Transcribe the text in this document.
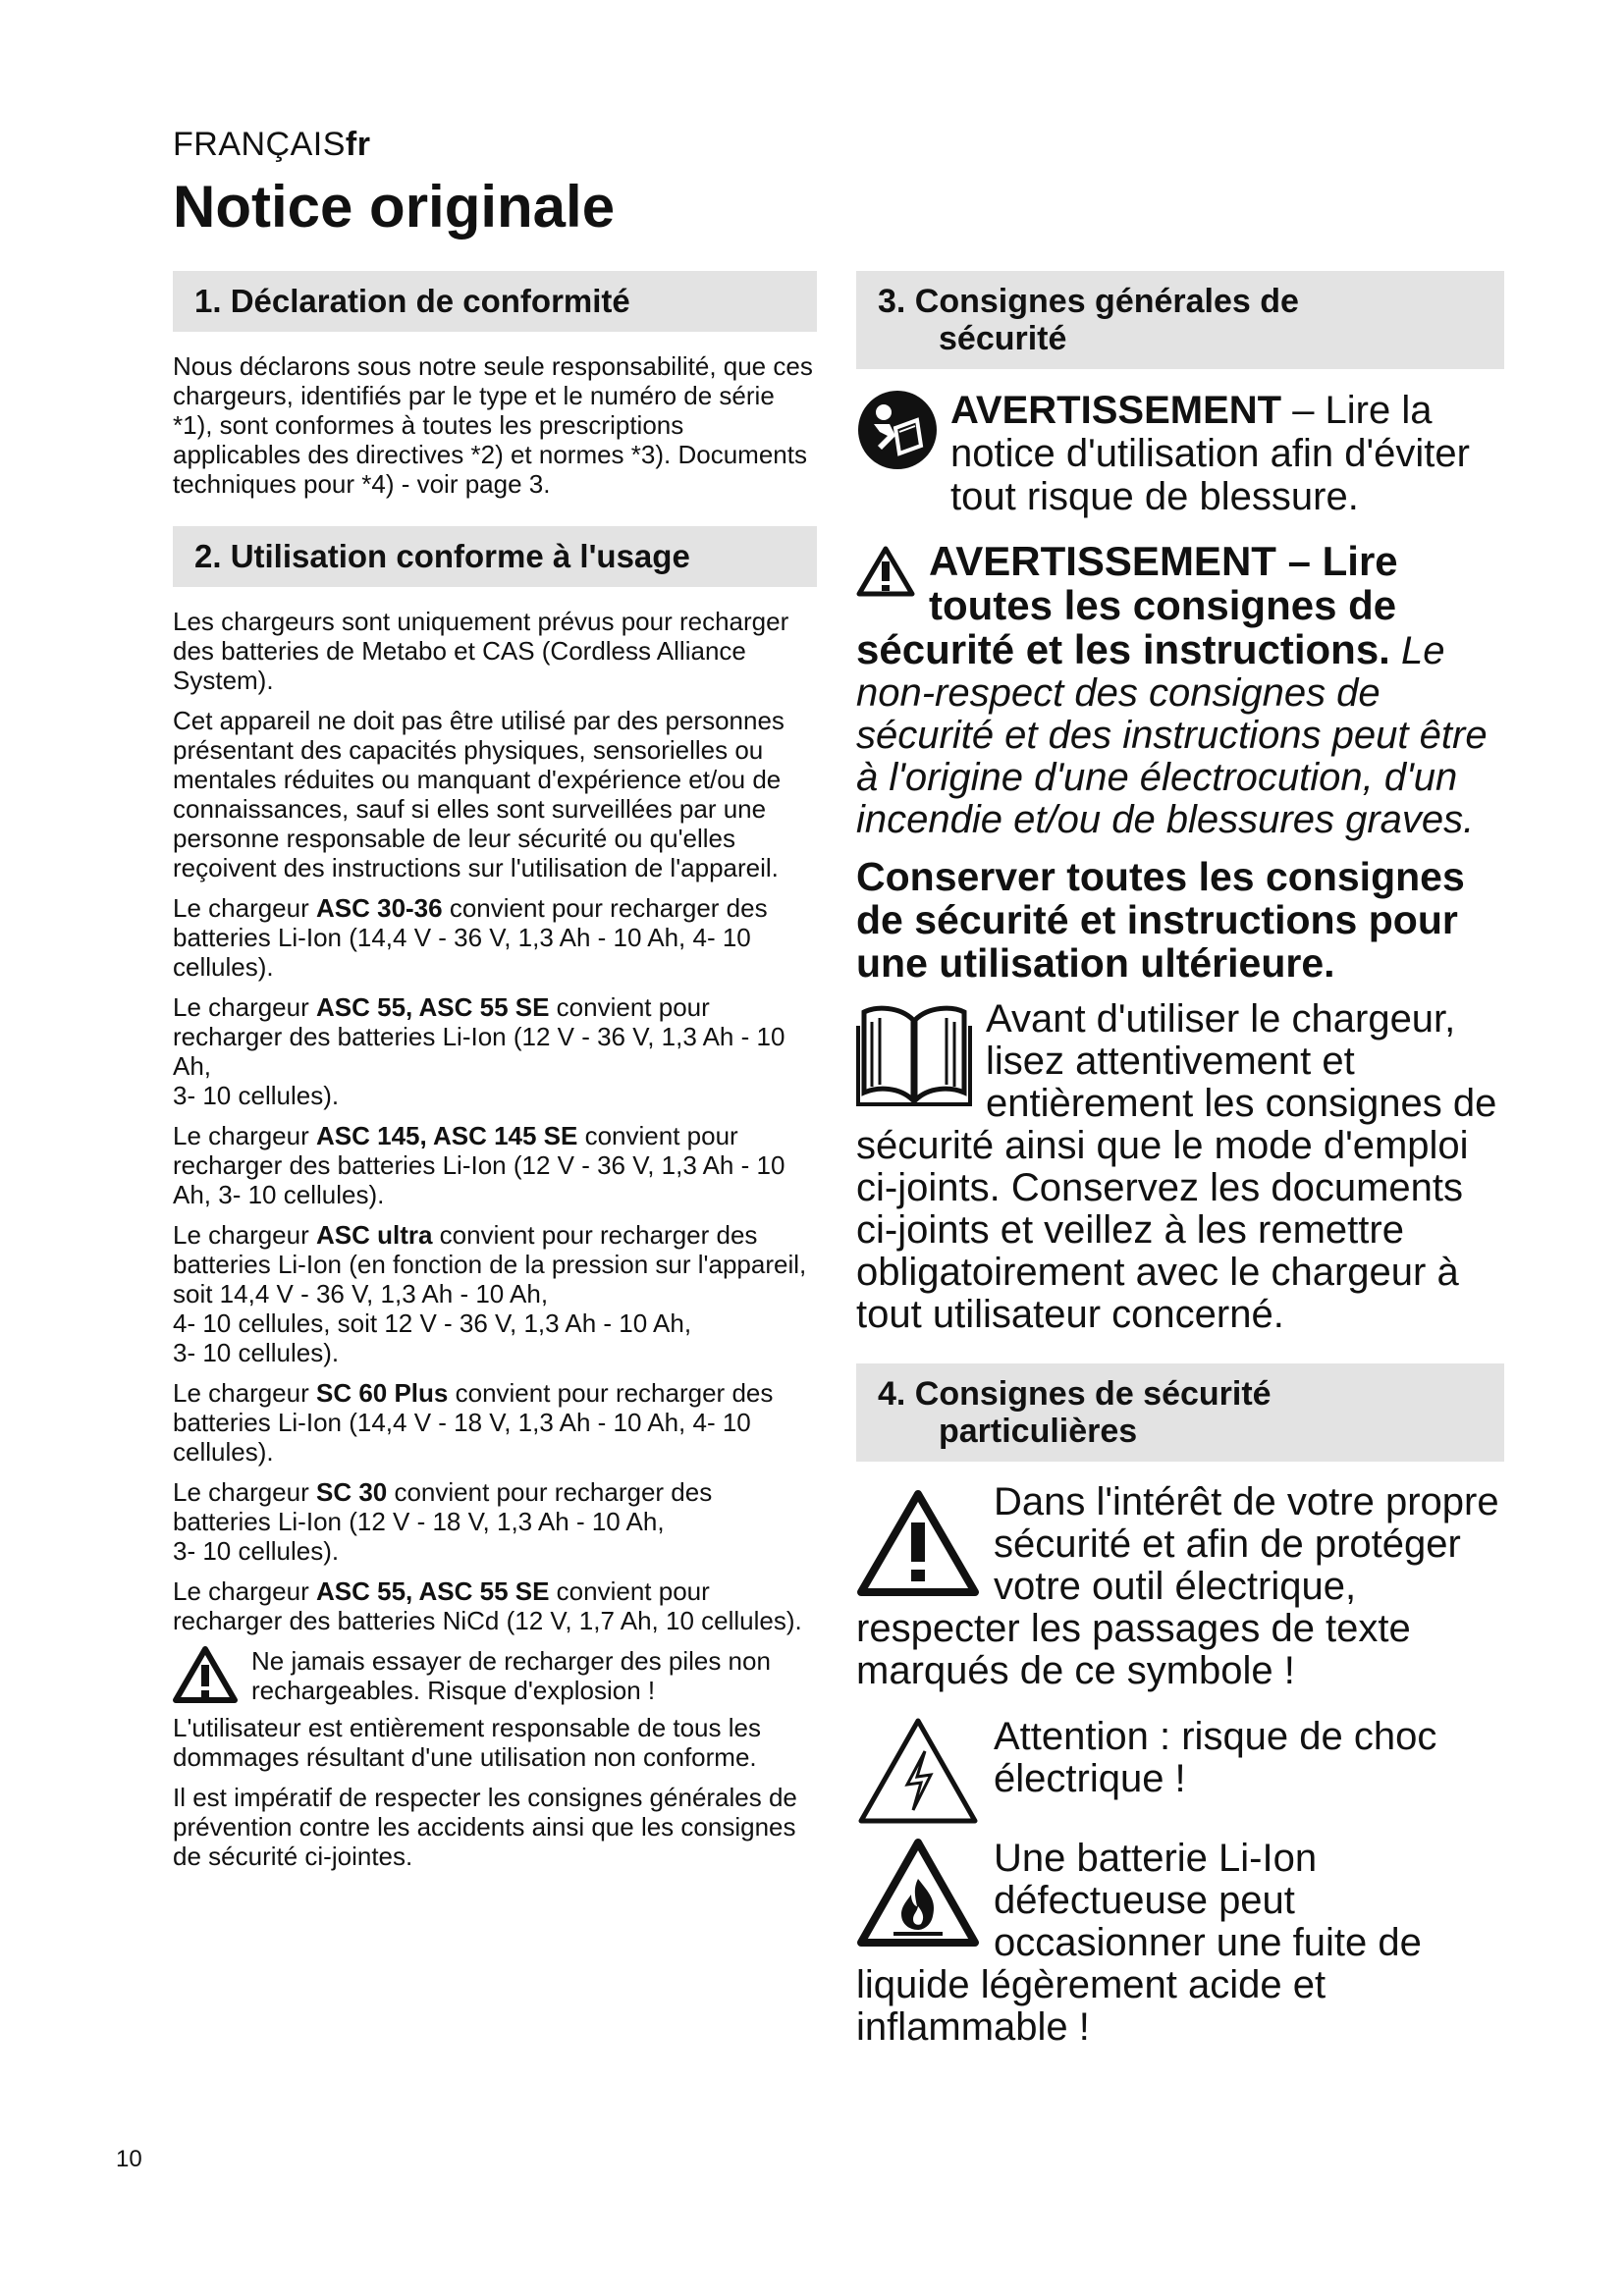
FRANÇAISfr
Notice originale
1. Déclaration de conformité
Nous déclarons sous notre seule responsabilité, que ces chargeurs, identifiés par le type et le numéro de série *1), sont conformes à toutes les prescriptions applicables des directives *2) et normes *3). Documents techniques pour *4) - voir page 3.
2. Utilisation conforme à l'usage
Les chargeurs sont uniquement prévus pour recharger des batteries de Metabo et CAS (Cordless Alliance System).
Cet appareil ne doit pas être utilisé par des personnes présentant des capacités physiques, sensorielles ou mentales réduites ou manquant d'expérience et/ou de connaissances, sauf si elles sont surveillées par une personne responsable de leur sécurité ou qu'elles reçoivent des instructions sur l'utilisation de l'appareil.
Le chargeur ASC 30-36 convient pour recharger des batteries Li-Ion (14,4 V - 36 V, 1,3 Ah - 10 Ah, 4- 10 cellules).
Le chargeur ASC 55, ASC 55 SE convient pour recharger des batteries Li-Ion (12 V - 36 V, 1,3 Ah - 10 Ah,
3- 10 cellules).
Le chargeur ASC 145, ASC 145 SE convient pour recharger des batteries Li-Ion (12 V - 36 V, 1,3 Ah - 10 Ah, 3- 10 cellules).
Le chargeur ASC ultra convient pour recharger des batteries Li-Ion (en fonction de la pression sur l'appareil, soit 14,4 V - 36 V, 1,3 Ah - 10 Ah,
4- 10 cellules, soit 12 V - 36 V, 1,3 Ah - 10 Ah,
3- 10 cellules).
Le chargeur SC 60 Plus convient pour recharger des batteries Li-Ion (14,4 V - 18 V, 1,3 Ah - 10 Ah, 4- 10 cellules).
Le chargeur SC 30 convient pour recharger des batteries Li-Ion (12 V - 18 V, 1,3 Ah - 10 Ah,
3- 10 cellules).
Le chargeur ASC 55, ASC 55 SE convient pour recharger des batteries NiCd (12 V, 1,7 Ah, 10 cellules).
Ne jamais essayer de recharger des piles non rechargeables. Risque d'explosion !
L'utilisateur est entièrement responsable de tous les dommages résultant d'une utilisation non conforme.
Il est impératif de respecter les consignes générales de prévention contre les accidents ainsi que les consignes de sécurité ci-jointes.
3. Consignes générales de
sécurité
AVERTISSEMENT – Lire la notice d'utilisation afin d'éviter tout risque de blessure.
AVERTISSEMENT – Lire toutes les consignes de sécurité et les instructions. Le non-respect des consignes de sécurité et des instructions peut être à l'origine d'une électrocution, d'un incendie et/ou de blessures graves.
Conserver toutes les consignes de sécurité et instructions pour une utilisation ultérieure.
Avant d'utiliser le chargeur, lisez attentivement et entièrement les consignes de sécurité ainsi que le mode d'emploi ci-joints. Conservez les documents ci-joints et veillez à les remettre obligatoirement avec le chargeur à tout utilisateur concerné.
4. Consignes de sécurité
particulières
Dans l'intérêt de votre propre sécurité et afin de protéger votre outil électrique, respecter les passages de texte marqués de ce symbole !
Attention : risque de choc électrique !
Une batterie Li-Ion défectueuse peut occasionner une fuite de liquide légèrement acide et inflammable !
10
